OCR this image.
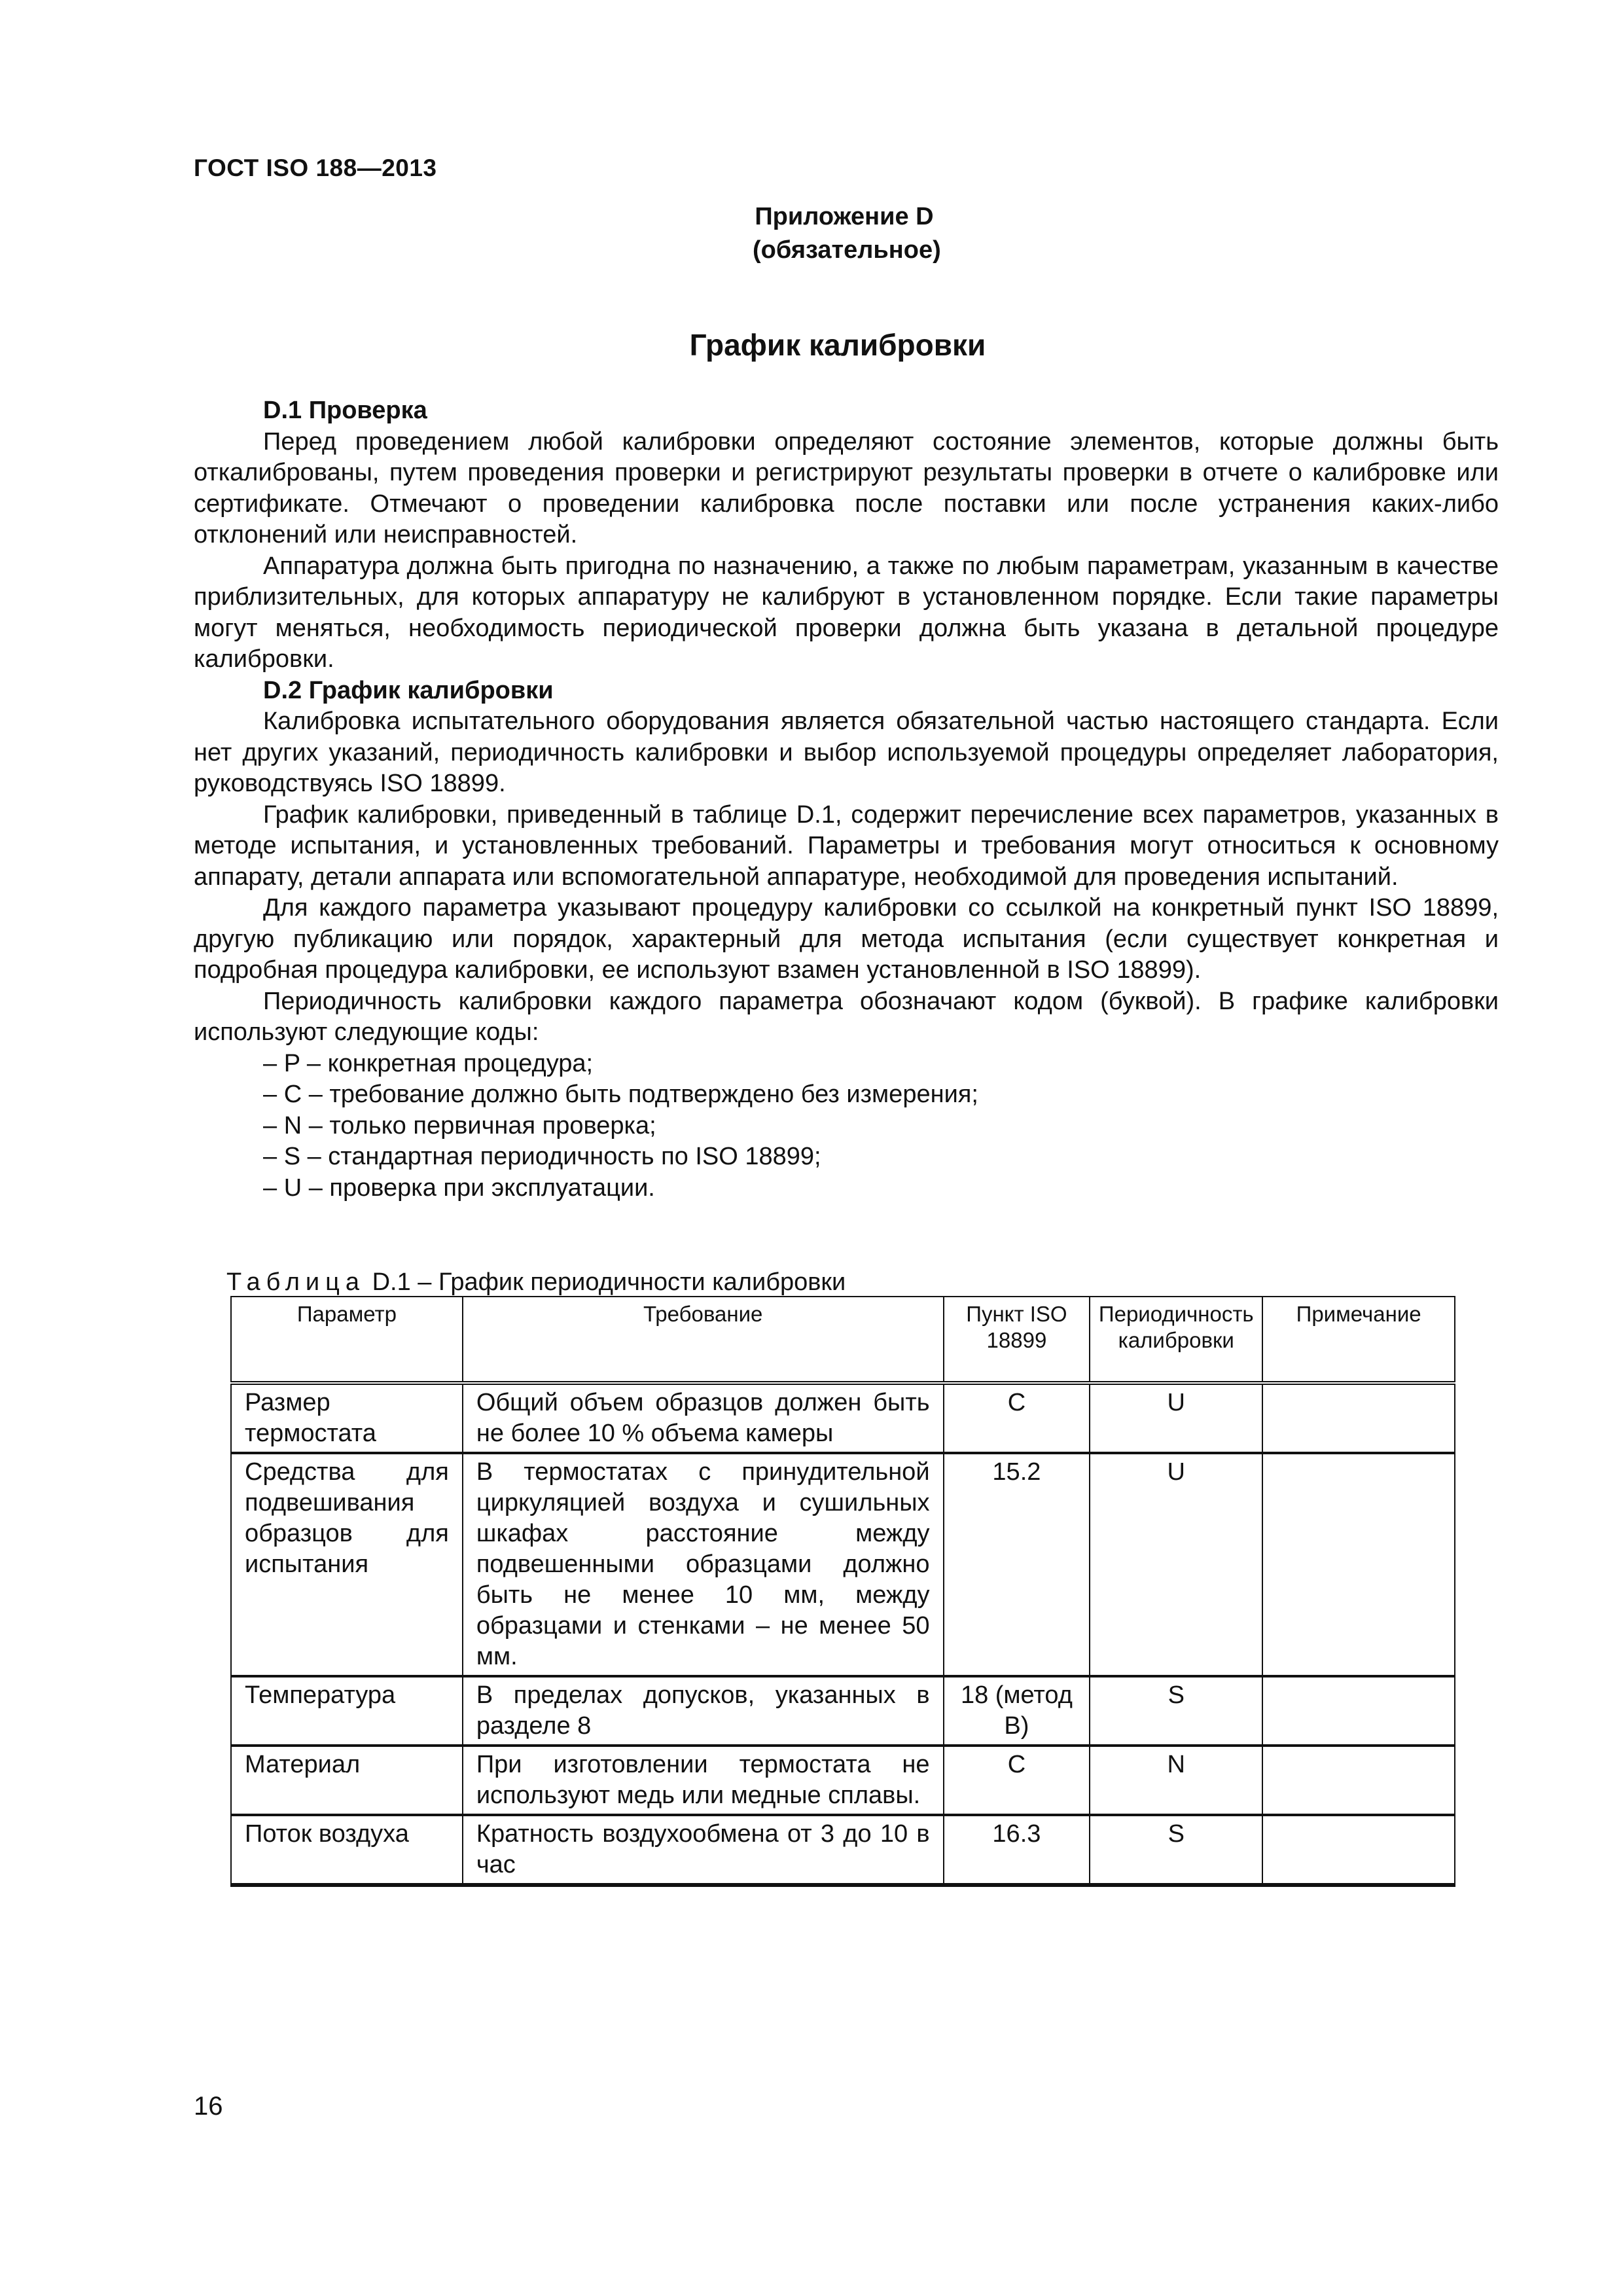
ГОСТ ISO 188—2013
Приложение D
(обязательное)
График калибровки

D.1 Проверка

Перед проведением любой калибровки определяют состояние элементов, которые должны быть откалиброваны, путем проведения проверки и регистрируют результаты проверки в отчете о калибровке или сертификате. Отмечают о проведении калибровка после поставки или после устранения каких-либо отклонений или неисправностей.

Аппаратура должна быть пригодна по назначению, а также по любым параметрам, указанным в качестве приблизительных, для которых аппаратуру не калибруют в установленном порядке. Если такие параметры могут меняться, необходимость периодической проверки должна быть указана в детальной процедуре калибровки.

D.2 График калибровки

Калибровка испытательного оборудования является обязательной частью настоящего стандарта. Если нет других указаний, периодичность калибровки и выбор используемой процедуры определяет лаборатория, руководствуясь ISO 18899.

График калибровки, приведенный в таблице D.1, содержит перечисление всех параметров, указанных в методе испытания, и установленных требований. Параметры и требования могут относиться к основному аппарату, детали аппарата или вспомогательной аппаратуре, необходимой для проведения испытаний.

Для каждого параметра указывают процедуру калибровки со ссылкой на конкретный пункт ISO 18899, другую публикацию или порядок, характерный для метода испытания (если существует конкретная и подробная процедура калибровки, ее используют взамен установленной в ISO 18899).

Периодичность калибровки каждого параметра обозначают кодом (буквой). В графике калибровки используют следующие коды:

– P – конкретная процедура;
– C – требование должно быть подтверждено без измерения;
– N – только первичная проверка;
– S – стандартная периодичность по ISO 18899;
– U – проверка при эксплуатации.
Таблица D.1 – График периодичности калибровки
Параметр	Требование	Пункт ISO 18899	Периодичность калибровки	Примечание
Размер термостата	Общий объем образцов должен быть не более 10 % объема камеры	C	U	
Средства для подвешивания образцов для испытания	В термостатах с принудительной циркуляцией воздуха и сушильных шкафах расстояние между подвешенными образцами должно быть не менее 10 мм, между образцами и стенками – не менее 50 мм.	15.2	U	
Температура	В пределах допусков, указанных в разделе 8	18 (метод B)	S	
Материал	При изготовлении термостата не используют медь или медные сплавы.	C	N	
Поток воздуха	Кратность воздухообмена от 3 до 10 в час	16.3	S	
16
